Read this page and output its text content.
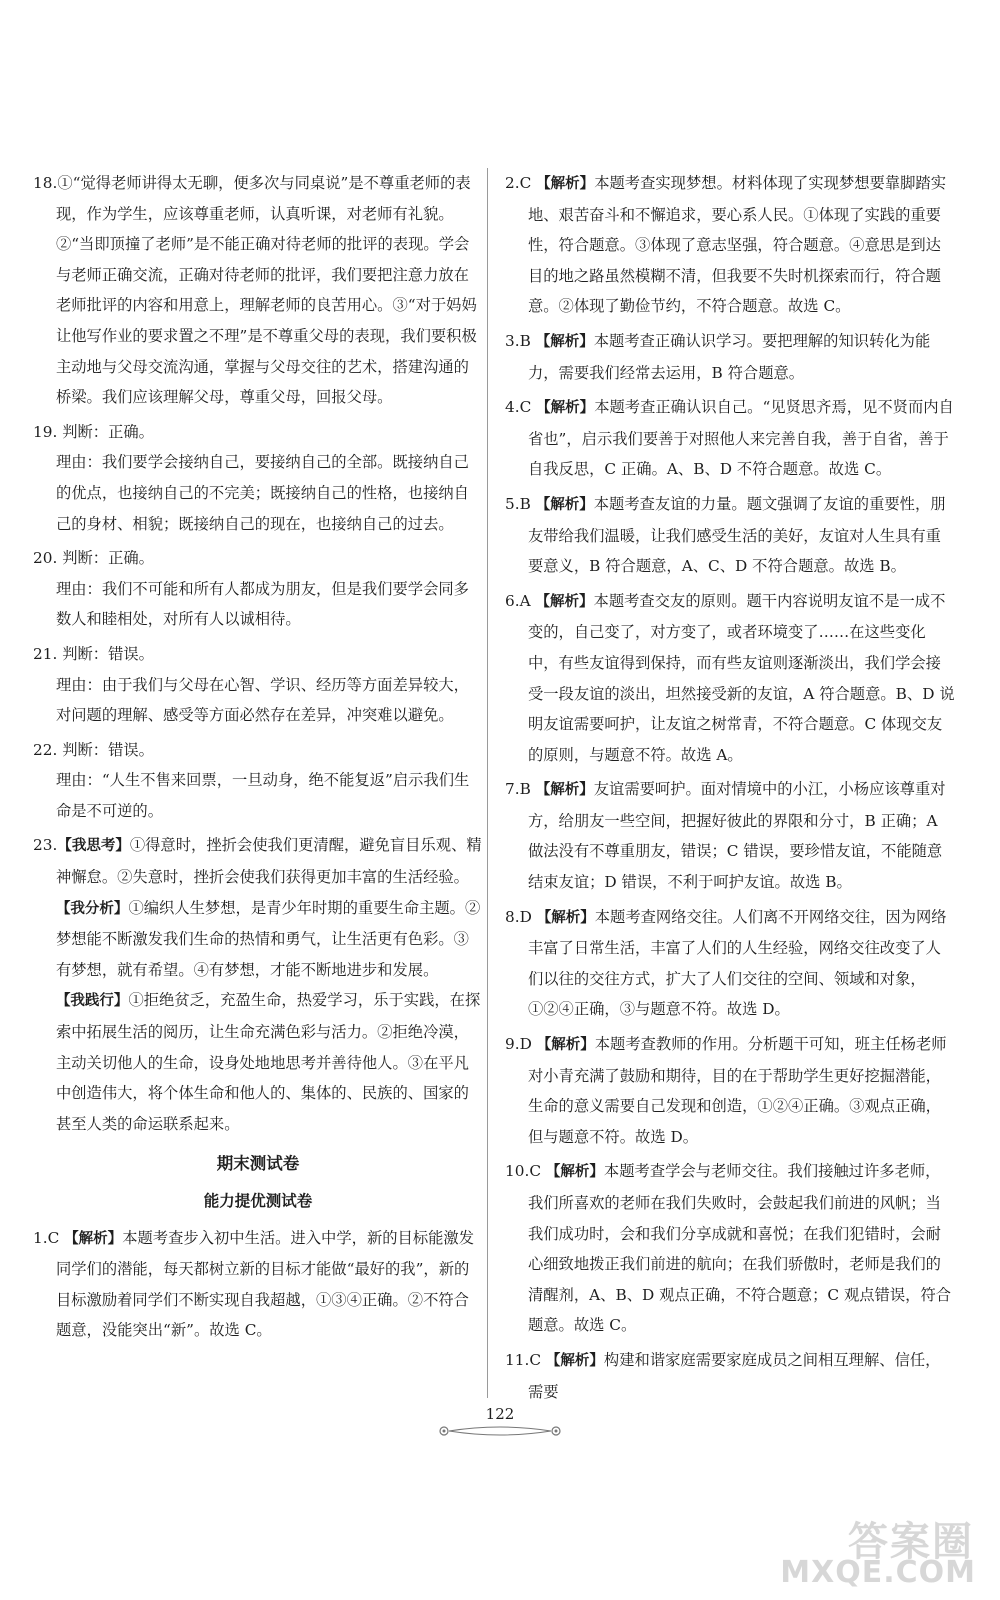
18.①“觉得老师讲得太无聊，便多次与同桌说”是不尊重老师的表现，作为学生，应该尊重老师，认真听课，对老师有礼貌。②“当即顶撞了老师”是不能正确对待老师的批评的表现。学会与老师正确交流，正确对待老师的批评，我们要把注意力放在老师批评的内容和用意上，理解老师的良苦用心。③“对于妈妈让他写作业的要求置之不理”是不尊重父母的表现，我们要积极主动地与父母交流沟通，掌握与父母交往的艺术，搭建沟通的桥梁。我们应该理解父母，尊重父母，回报父母。
19. 判断：正确。
理由：我们要学会接纳自己，要接纳自己的全部。既接纳自己的优点，也接纳自己的不完美；既接纳自己的性格，也接纳自己的身材、相貌；既接纳自己的现在，也接纳自己的过去。
20. 判断：正确。
理由：我们不可能和所有人都成为朋友，但是我们要学会同多数人和睦相处，对所有人以诚相待。
21. 判断：错误。
理由：由于我们与父母在心智、学识、经历等方面差异较大，对问题的理解、感受等方面必然存在差异，冲突难以避免。
22. 判断：错误。
理由：“人生不售来回票，一旦动身，绝不能复返”启示我们生命是不可逆的。
23.【我思考】①得意时，挫折会使我们更清醒，避免盲目乐观、精神懈怠。②失意时，挫折会使我们获得更加丰富的生活经验。
【我分析】①编织人生梦想，是青少年时期的重要生命主题。②梦想能不断激发我们生命的热情和勇气，让生活更有色彩。③有梦想，就有希望。④有梦想，才能不断地进步和发展。
【我践行】①拒绝贫乏，充盈生命，热爱学习，乐于实践，在探索中拓展生活的阅历，让生命充满色彩与活力。②拒绝冷漠，主动关切他人的生命，设身处地地思考并善待他人。③在平凡中创造伟大，将个体生命和他人的、集体的、民族的、国家的甚至人类的命运联系起来。
期末测试卷
能力提优测试卷
1.C 【解析】本题考查步入初中生活。进入中学，新的目标能激发同学们的潜能，每天都树立新的目标才能做“最好的我”，新的目标激励着同学们不断实现自我超越，①③④正确。②不符合题意，没能突出“新”。故选 C。
2.C 【解析】本题考查实现梦想。材料体现了实现梦想要靠脚踏实地、艰苦奋斗和不懈追求，要心系人民。①体现了实践的重要性，符合题意。③体现了意志坚强，符合题意。④意思是到达目的地之路虽然模糊不清，但我要不失时机探索而行，符合题意。②体现了勤俭节约，不符合题意。故选 C。
3.B 【解析】本题考查正确认识学习。要把理解的知识转化为能力，需要我们经常去运用，B 符合题意。
4.C 【解析】本题考查正确认识自己。“见贤思齐焉，见不贤而内自省也”，启示我们要善于对照他人来完善自我，善于自省，善于自我反思，C 正确。A、B、D 不符合题意。故选 C。
5.B 【解析】本题考查友谊的力量。题文强调了友谊的重要性，朋友带给我们温暖，让我们感受生活的美好，友谊对人生具有重要意义，B 符合题意，A、C、D 不符合题意。故选 B。
6.A 【解析】本题考查交友的原则。题干内容说明友谊不是一成不变的，自己变了，对方变了，或者环境变了……在这些变化中，有些友谊得到保持，而有些友谊则逐渐淡出，我们学会接受一段友谊的淡出，坦然接受新的友谊，A 符合题意。B、D 说明友谊需要呵护，让友谊之树常青，不符合题意。C 体现交友的原则，与题意不符。故选 A。
7.B 【解析】友谊需要呵护。面对情境中的小江，小杨应该尊重对方，给朋友一些空间，把握好彼此的界限和分寸，B 正确；A 做法没有不尊重朋友，错误；C 错误，要珍惜友谊，不能随意结束友谊；D 错误，不利于呵护友谊。故选 B。
8.D 【解析】本题考查网络交往。人们离不开网络交往，因为网络丰富了日常生活，丰富了人们的人生经验，网络交往改变了人们以往的交往方式，扩大了人们交往的空间、领域和对象，①②④正确，③与题意不符。故选 D。
9.D 【解析】本题考查教师的作用。分析题干可知，班主任杨老师对小青充满了鼓励和期待，目的在于帮助学生更好挖掘潜能，生命的意义需要自己发现和创造，①②④正确。③观点正确，但与题意不符。故选 D。
10.C 【解析】本题考查学会与老师交往。我们接触过许多老师，我们所喜欢的老师在我们失败时，会鼓起我们前进的风帆；当我们成功时，会和我们分享成就和喜悦；在我们犯错时，会耐心细致地拨正我们前进的航向；在我们骄傲时，老师是我们的清醒剂，A、B、D 观点正确，不符合题意；C 观点错误，符合题意。故选 C。
11.C 【解析】构建和谐家庭需要家庭成员之间相互理解、信任，需要
122
答案圈
MXQE.COM
